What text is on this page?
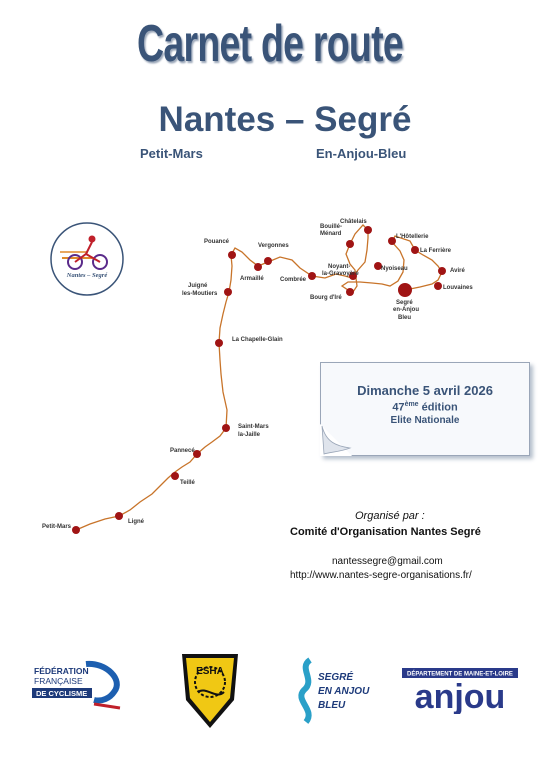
Carnet de route
Nantes – Segré
Petit-Mars	En-Anjou-Bleu
Nantes – Segré
Petit-Mars
Ligné
Teillé
Pannecé
Saint-Mars
la-Jaille
La Chapelle-Glain
Juigné
les-Moutiers
Pouancé
Armaillé
Vergonnes
Combrée
Bouillé-
Ménard
Châtelais
Noyant-
la-Gravoyère
Bourg d'Iré
Nyoiseau
L'Hôtellerie
La Ferrière
Aviré
Louvaines
Segré
en-Anjou
Bleu
Dimanche 5 avril 2026
47ème édition
Elite Nationale
Organisé par :
Comité d'Organisation Nantes Segré
nantessegre@gmail.com
http://www.nantes-segre-organisations.fr/
FÉDÉRATION
FRANÇAISE
DE CYCLISME
ESHA
SEGRÉ
EN ANJOU
BLEU
DÉPARTEMENT DE MAINE-ET-LOIRE
anjou
